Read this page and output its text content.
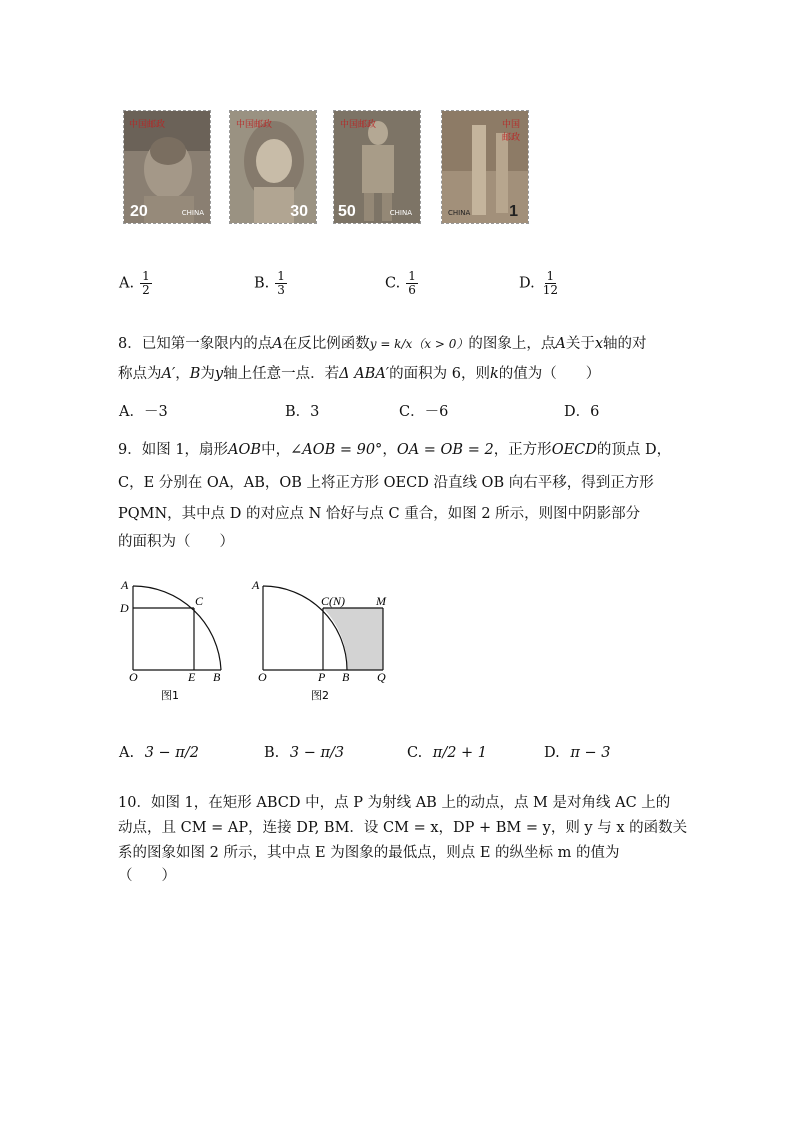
中国邮政
20	CHINA
中国邮政
30
中国邮政
50	CHINA
中国邮政
CHINA 1
A. $\frac{1}{2}$	B. $\frac{1}{3}$	C. $\frac{1}{6}$	D. $\frac{1}{12}$
8．已知第一象限内的点A在反比例函数y = k/x（x > 0）的图象上，点A关于x轴的对
称点为A′，B为y轴上任意一点．若Δ ABA′的面积为 6，则k的值为（　　）
A．－3	B．3	C．－6	D．6
9．如图 1，扇形AOB中，∠AOB = 90°，OA = OB = 2，正方形OECD的顶点 D，
C，E 分别在 OA，AB，OB 上将正方形 OECD 沿直线 OB 向右平移，得到正方形
PQMN，其中点 D 的对应点 N 恰好与点 C 重合，如图 2 所示，则图中阴影部分
的面积为（　　）
A
D	C
O	E B
图1
A
C(N)	M
O	P B Q
图2
A. 3 − π/2	B. 3 − π/3	C. π/2 + 1	D. π − 3
10．如图 1，在矩形 ABCD 中，点 P 为射线 AB 上的动点，点 M 是对角线 AC 上的
动点，且 CM = AP，连接 DP, BM．设 CM = x，DP + BM = y，则 y 与 x 的函数关
系的图象如图 2 所示，其中点 E 为图象的最低点，则点 E 的纵坐标 m 的值为
（　　）
